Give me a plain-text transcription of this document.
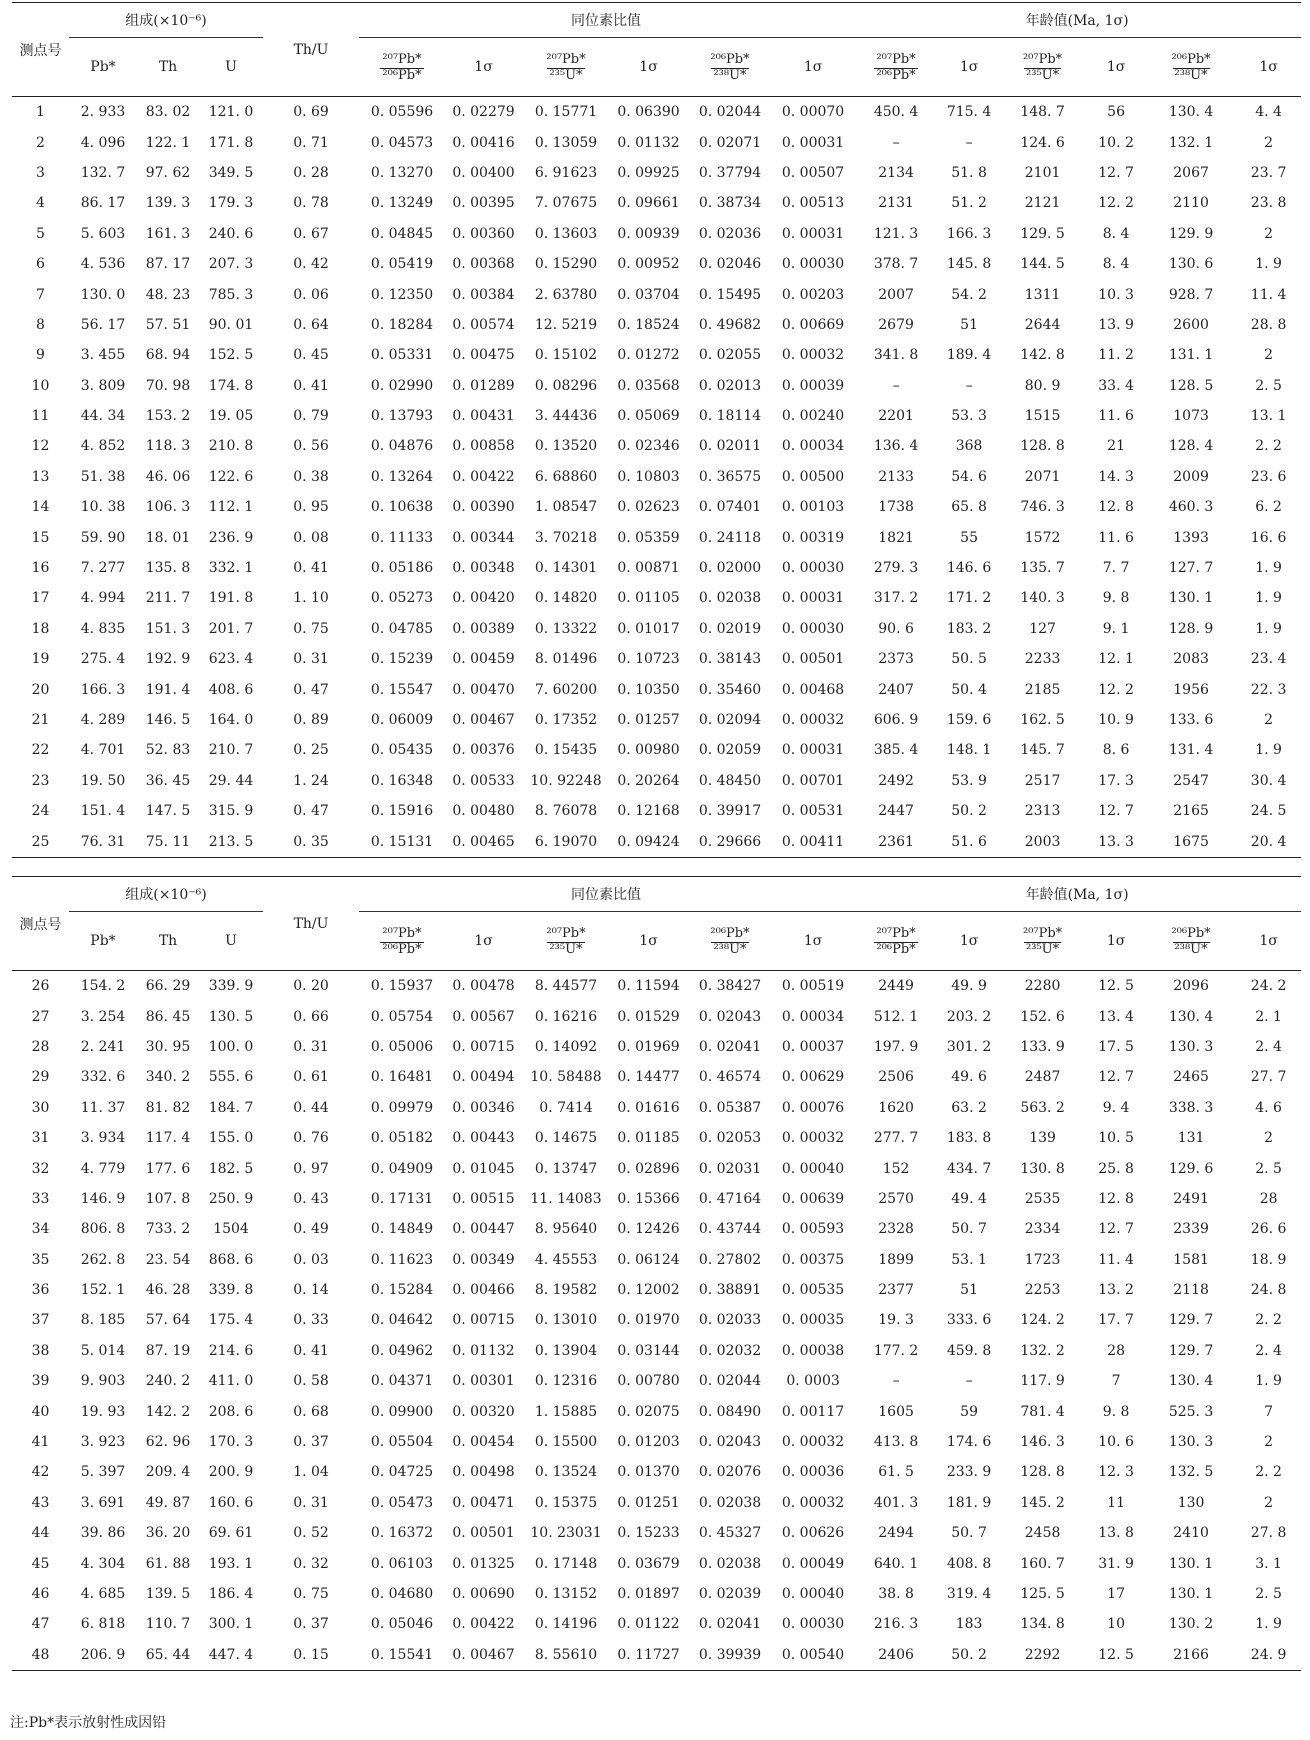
测点号	组成(×10⁻⁶)			Th/U	同位素比值						年龄值(Ma, 1σ)					
	Pb*	Th	U		$\frac{\text{²⁰⁷Pb*}}{\text{²⁰⁶Pb*}}$	1σ	$\frac{\text{²⁰⁷Pb*}}{\text{²³⁵U*}}$	1σ	$\frac{\text{²⁰⁶Pb*}}{\text{²³⁸U*}}$	1σ	$\frac{\text{²⁰⁷Pb*}}{\text{²⁰⁶Pb*}}$	1σ	$\frac{\text{²⁰⁷Pb*}}{\text{²³⁵U*}}$	1σ	$\frac{\text{²⁰⁶Pb*}}{\text{²³⁸U*}}$	1σ
1	2. 933	83. 02	121. 0	0. 69	0. 05596	0. 02279	0. 15771	0. 06390	0. 02044	0. 00070	450. 4	715. 4	148. 7	56	130. 4	4. 4
2	4. 096	122. 1	171. 8	0. 71	0. 04573	0. 00416	0. 13059	0. 01132	0. 02071	0. 00031	–	–	124. 6	10. 2	132. 1	2
3	132. 7	97. 62	349. 5	0. 28	0. 13270	0. 00400	6. 91623	0. 09925	0. 37794	0. 00507	2134	51. 8	2101	12. 7	2067	23. 7
4	86. 17	139. 3	179. 3	0. 78	0. 13249	0. 00395	7. 07675	0. 09661	0. 38734	0. 00513	2131	51. 2	2121	12. 2	2110	23. 8
5	5. 603	161. 3	240. 6	0. 67	0. 04845	0. 00360	0. 13603	0. 00939	0. 02036	0. 00031	121. 3	166. 3	129. 5	8. 4	129. 9	2
6	4. 536	87. 17	207. 3	0. 42	0. 05419	0. 00368	0. 15290	0. 00952	0. 02046	0. 00030	378. 7	145. 8	144. 5	8. 4	130. 6	1. 9
7	130. 0	48. 23	785. 3	0. 06	0. 12350	0. 00384	2. 63780	0. 03704	0. 15495	0. 00203	2007	54. 2	1311	10. 3	928. 7	11. 4
8	56. 17	57. 51	90. 01	0. 64	0. 18284	0. 00574	12. 5219	0. 18524	0. 49682	0. 00669	2679	51	2644	13. 9	2600	28. 8
9	3. 455	68. 94	152. 5	0. 45	0. 05331	0. 00475	0. 15102	0. 01272	0. 02055	0. 00032	341. 8	189. 4	142. 8	11. 2	131. 1	2
10	3. 809	70. 98	174. 8	0. 41	0. 02990	0. 01289	0. 08296	0. 03568	0. 02013	0. 00039	–	–	80. 9	33. 4	128. 5	2. 5
11	44. 34	153. 2	19. 05	0. 79	0. 13793	0. 00431	3. 44436	0. 05069	0. 18114	0. 00240	2201	53. 3	1515	11. 6	1073	13. 1
12	4. 852	118. 3	210. 8	0. 56	0. 04876	0. 00858	0. 13520	0. 02346	0. 02011	0. 00034	136. 4	368	128. 8	21	128. 4	2. 2
13	51. 38	46. 06	122. 6	0. 38	0. 13264	0. 00422	6. 68860	0. 10803	0. 36575	0. 00500	2133	54. 6	2071	14. 3	2009	23. 6
14	10. 38	106. 3	112. 1	0. 95	0. 10638	0. 00390	1. 08547	0. 02623	0. 07401	0. 00103	1738	65. 8	746. 3	12. 8	460. 3	6. 2
15	59. 90	18. 01	236. 9	0. 08	0. 11133	0. 00344	3. 70218	0. 05359	0. 24118	0. 00319	1821	55	1572	11. 6	1393	16. 6
16	7. 277	135. 8	332. 1	0. 41	0. 05186	0. 00348	0. 14301	0. 00871	0. 02000	0. 00030	279. 3	146. 6	135. 7	7. 7	127. 7	1. 9
17	4. 994	211. 7	191. 8	1. 10	0. 05273	0. 00420	0. 14820	0. 01105	0. 02038	0. 00031	317. 2	171. 2	140. 3	9. 8	130. 1	1. 9
18	4. 835	151. 3	201. 7	0. 75	0. 04785	0. 00389	0. 13322	0. 01017	0. 02019	0. 00030	90. 6	183. 2	127	9. 1	128. 9	1. 9
19	275. 4	192. 9	623. 4	0. 31	0. 15239	0. 00459	8. 01496	0. 10723	0. 38143	0. 00501	2373	50. 5	2233	12. 1	2083	23. 4
20	166. 3	191. 4	408. 6	0. 47	0. 15547	0. 00470	7. 60200	0. 10350	0. 35460	0. 00468	2407	50. 4	2185	12. 2	1956	22. 3
21	4. 289	146. 5	164. 0	0. 89	0. 06009	0. 00467	0. 17352	0. 01257	0. 02094	0. 00032	606. 9	159. 6	162. 5	10. 9	133. 6	2
22	4. 701	52. 83	210. 7	0. 25	0. 05435	0. 00376	0. 15435	0. 00980	0. 02059	0. 00031	385. 4	148. 1	145. 7	8. 6	131. 4	1. 9
23	19. 50	36. 45	29. 44	1. 24	0. 16348	0. 00533	10. 92248	0. 20264	0. 48450	0. 00701	2492	53. 9	2517	17. 3	2547	30. 4
24	151. 4	147. 5	315. 9	0. 47	0. 15916	0. 00480	8. 76078	0. 12168	0. 39917	0. 00531	2447	50. 2	2313	12. 7	2165	24. 5
25	76. 31	75. 11	213. 5	0. 35	0. 15131	0. 00465	6. 19070	0. 09424	0. 29666	0. 00411	2361	51. 6	2003	13. 3	1675	20. 4
测点号	组成(×10⁻⁶)			Th/U	同位素比值						年龄值(Ma, 1σ)					
	Pb*	Th	U		$\frac{\text{²⁰⁷Pb*}}{\text{²⁰⁶Pb*}}$	1σ	$\frac{\text{²⁰⁷Pb*}}{\text{²³⁵U*}}$	1σ	$\frac{\text{²⁰⁶Pb*}}{\text{²³⁸U*}}$	1σ	$\frac{\text{²⁰⁷Pb*}}{\text{²⁰⁶Pb*}}$	1σ	$\frac{\text{²⁰⁷Pb*}}{\text{²³⁵U*}}$	1σ	$\frac{\text{²⁰⁶Pb*}}{\text{²³⁸U*}}$	1σ
26	154. 2	66. 29	339. 9	0. 20	0. 15937	0. 00478	8. 44577	0. 11594	0. 38427	0. 00519	2449	49. 9	2280	12. 5	2096	24. 2
27	3. 254	86. 45	130. 5	0. 66	0. 05754	0. 00567	0. 16216	0. 01529	0. 02043	0. 00034	512. 1	203. 2	152. 6	13. 4	130. 4	2. 1
28	2. 241	30. 95	100. 0	0. 31	0. 05006	0. 00715	0. 14092	0. 01969	0. 02041	0. 00037	197. 9	301. 2	133. 9	17. 5	130. 3	2. 4
29	332. 6	340. 2	555. 6	0. 61	0. 16481	0. 00494	10. 58488	0. 14477	0. 46574	0. 00629	2506	49. 6	2487	12. 7	2465	27. 7
30	11. 37	81. 82	184. 7	0. 44	0. 09979	0. 00346	0. 7414	0. 01616	0. 05387	0. 00076	1620	63. 2	563. 2	9. 4	338. 3	4. 6
31	3. 934	117. 4	155. 0	0. 76	0. 05182	0. 00443	0. 14675	0. 01185	0. 02053	0. 00032	277. 7	183. 8	139	10. 5	131	2
32	4. 779	177. 6	182. 5	0. 97	0. 04909	0. 01045	0. 13747	0. 02896	0. 02031	0. 00040	152	434. 7	130. 8	25. 8	129. 6	2. 5
33	146. 9	107. 8	250. 9	0. 43	0. 17131	0. 00515	11. 14083	0. 15366	0. 47164	0. 00639	2570	49. 4	2535	12. 8	2491	28
34	806. 8	733. 2	1504	0. 49	0. 14849	0. 00447	8. 95640	0. 12426	0. 43744	0. 00593	2328	50. 7	2334	12. 7	2339	26. 6
35	262. 8	23. 54	868. 6	0. 03	0. 11623	0. 00349	4. 45553	0. 06124	0. 27802	0. 00375	1899	53. 1	1723	11. 4	1581	18. 9
36	152. 1	46. 28	339. 8	0. 14	0. 15284	0. 00466	8. 19582	0. 12002	0. 38891	0. 00535	2377	51	2253	13. 2	2118	24. 8
37	8. 185	57. 64	175. 4	0. 33	0. 04642	0. 00715	0. 13010	0. 01970	0. 02033	0. 00035	19. 3	333. 6	124. 2	17. 7	129. 7	2. 2
38	5. 014	87. 19	214. 6	0. 41	0. 04962	0. 01132	0. 13904	0. 03144	0. 02032	0. 00038	177. 2	459. 8	132. 2	28	129. 7	2. 4
39	9. 903	240. 2	411. 0	0. 58	0. 04371	0. 00301	0. 12316	0. 00780	0. 02044	0. 0003	–	–	117. 9	7	130. 4	1. 9
40	19. 93	142. 2	208. 6	0. 68	0. 09900	0. 00320	1. 15885	0. 02075	0. 08490	0. 00117	1605	59	781. 4	9. 8	525. 3	7
41	3. 923	62. 96	170. 3	0. 37	0. 05504	0. 00454	0. 15500	0. 01203	0. 02043	0. 00032	413. 8	174. 6	146. 3	10. 6	130. 3	2
42	5. 397	209. 4	200. 9	1. 04	0. 04725	0. 00498	0. 13524	0. 01370	0. 02076	0. 00036	61. 5	233. 9	128. 8	12. 3	132. 5	2. 2
43	3. 691	49. 87	160. 6	0. 31	0. 05473	0. 00471	0. 15375	0. 01251	0. 02038	0. 00032	401. 3	181. 9	145. 2	11	130	2
44	39. 86	36. 20	69. 61	0. 52	0. 16372	0. 00501	10. 23031	0. 15233	0. 45327	0. 00626	2494	50. 7	2458	13. 8	2410	27. 8
45	4. 304	61. 88	193. 1	0. 32	0. 06103	0. 01325	0. 17148	0. 03679	0. 02038	0. 00049	640. 1	408. 8	160. 7	31. 9	130. 1	3. 1
46	4. 685	139. 5	186. 4	0. 75	0. 04680	0. 00690	0. 13152	0. 01897	0. 02039	0. 00040	38. 8	319. 4	125. 5	17	130. 1	2. 5
47	6. 818	110. 7	300. 1	0. 37	0. 05046	0. 00422	0. 14196	0. 01122	0. 02041	0. 00030	216. 3	183	134. 8	10	130. 2	1. 9
48	206. 9	65. 44	447. 4	0. 15	0. 15541	0. 00467	8. 55610	0. 11727	0. 39939	0. 00540	2406	50. 2	2292	12. 5	2166	24. 9
注:Pb*表示放射性成因铅
